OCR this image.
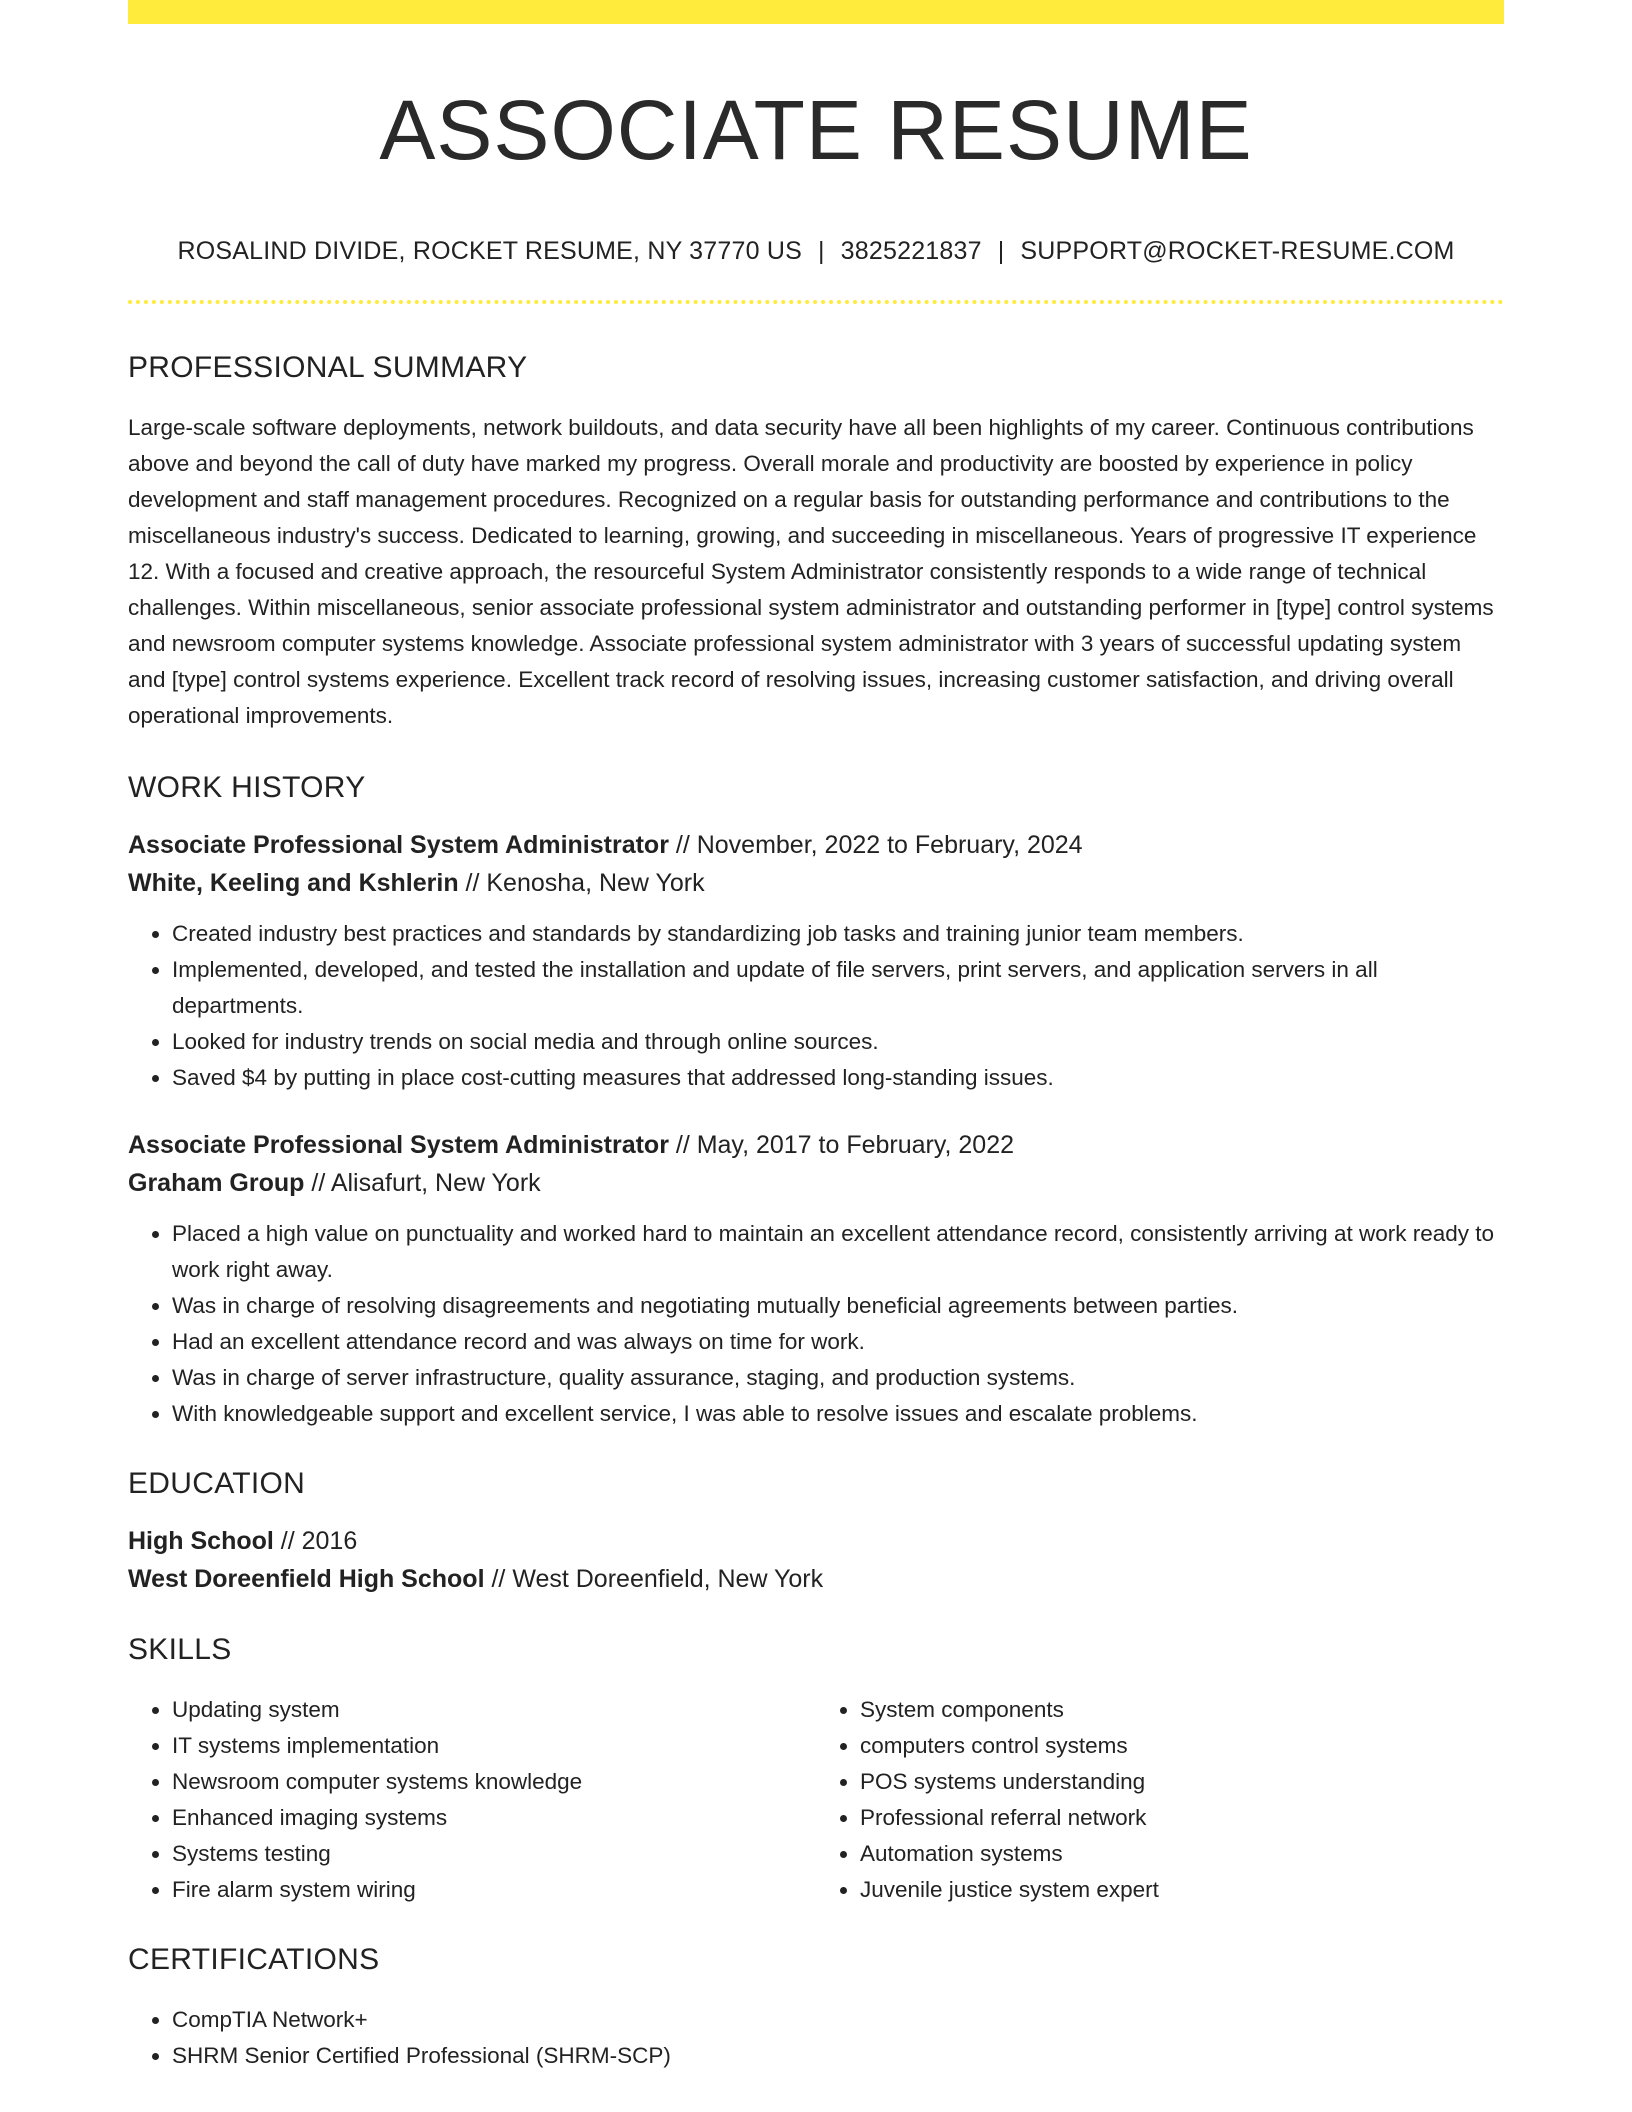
ASSOCIATE RESUME
ROSALIND DIVIDE, ROCKET RESUME, NY 37770 US | 3825221837 | SUPPORT@ROCKET-RESUME.COM
PROFESSIONAL SUMMARY
Large-scale software deployments, network buildouts, and data security have all been highlights of my career. Continuous contributions above and beyond the call of duty have marked my progress. Overall morale and productivity are boosted by experience in policy development and staff management procedures. Recognized on a regular basis for outstanding performance and contributions to the miscellaneous industry's success. Dedicated to learning, growing, and succeeding in miscellaneous. Years of progressive IT experience 12. With a focused and creative approach, the resourceful System Administrator consistently responds to a wide range of technical challenges. Within miscellaneous, senior associate professional system administrator and outstanding performer in [type] control systems and newsroom computer systems knowledge. Associate professional system administrator with 3 years of successful updating system and [type] control systems experience. Excellent track record of resolving issues, increasing customer satisfaction, and driving overall operational improvements.
WORK HISTORY
Associate Professional System Administrator // November, 2022 to February, 2024
White, Keeling and Kshlerin // Kenosha, New York
• Created industry best practices and standards by standardizing job tasks and training junior team members.
• Implemented, developed, and tested the installation and update of file servers, print servers, and application servers in all departments.
• Looked for industry trends on social media and through online sources.
• Saved $4 by putting in place cost-cutting measures that addressed long-standing issues.
Associate Professional System Administrator // May, 2017 to February, 2022
Graham Group // Alisafurt, New York
• Placed a high value on punctuality and worked hard to maintain an excellent attendance record, consistently arriving at work ready to work right away.
• Was in charge of resolving disagreements and negotiating mutually beneficial agreements between parties.
• Had an excellent attendance record and was always on time for work.
• Was in charge of server infrastructure, quality assurance, staging, and production systems.
• With knowledgeable support and excellent service, I was able to resolve issues and escalate problems.
EDUCATION
High School // 2016
West Doreenfield High School // West Doreenfield, New York
SKILLS
• Updating system
• IT systems implementation
• Newsroom computer systems knowledge
• Enhanced imaging systems
• Systems testing
• Fire alarm system wiring
• System components
• computers control systems
• POS systems understanding
• Professional referral network
• Automation systems
• Juvenile justice system expert
CERTIFICATIONS
• CompTIA Network+
• SHRM Senior Certified Professional (SHRM-SCP)
